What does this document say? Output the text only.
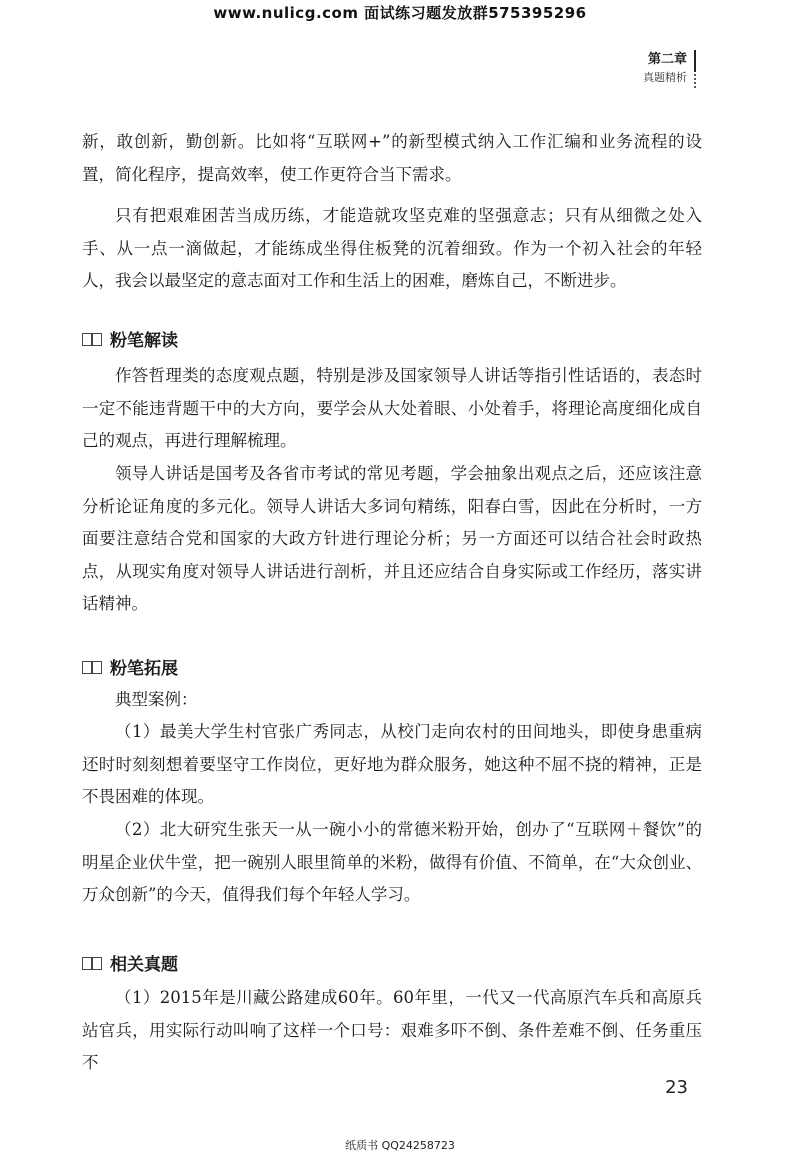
www.nulicg.com 面试练习题发放群575395296
第二章
真题精析

新，敢创新，勤创新。比如将“互联网+”的新型模式纳入工作汇编和业务流程的设置，简化程序，提高效率，使工作更符合当下需求。

只有把艰难困苦当成历练，才能造就攻坚克难的坚强意志；只有从细微之处入手、从一点一滴做起，才能练成坐得住板凳的沉着细致。作为一个初入社会的年轻人，我会以最坚定的意志面对工作和生活上的困难，磨炼自己，不断进步。

粉笔解读

作答哲理类的态度观点题，特别是涉及国家领导人讲话等指引性话语的，表态时一定不能违背题干中的大方向，要学会从大处着眼、小处着手，将理论高度细化成自己的观点，再进行理解梳理。

领导人讲话是国考及各省市考试的常见考题，学会抽象出观点之后，还应该注意分析论证角度的多元化。领导人讲话大多词句精练，阳春白雪，因此在分析时，一方面要注意结合党和国家的大政方针进行理论分析；另一方面还可以结合社会时政热点，从现实角度对领导人讲话进行剖析，并且还应结合自身实际或工作经历，落实讲话精神。

粉笔拓展

典型案例：

（1）最美大学生村官张广秀同志，从校门走向农村的田间地头，即使身患重病还时时刻刻想着要坚守工作岗位，更好地为群众服务，她这种不屈不挠的精神，正是不畏困难的体现。

（2）北大研究生张天一从一碗小小的常德米粉开始，创办了“互联网＋餐饮”的明星企业伏牛堂，把一碗别人眼里简单的米粉，做得有价值、不简单，在“大众创业、万众创新”的今天，值得我们每个年轻人学习。

相关真题

（1）2015年是川藏公路建成60年。60年里，一代又一代高原汽车兵和高原兵站官兵，用实际行动叫响了这样一个口号：艰难多吓不倒、条件差难不倒、任务重压不

23
纸质书 QQ24258723
